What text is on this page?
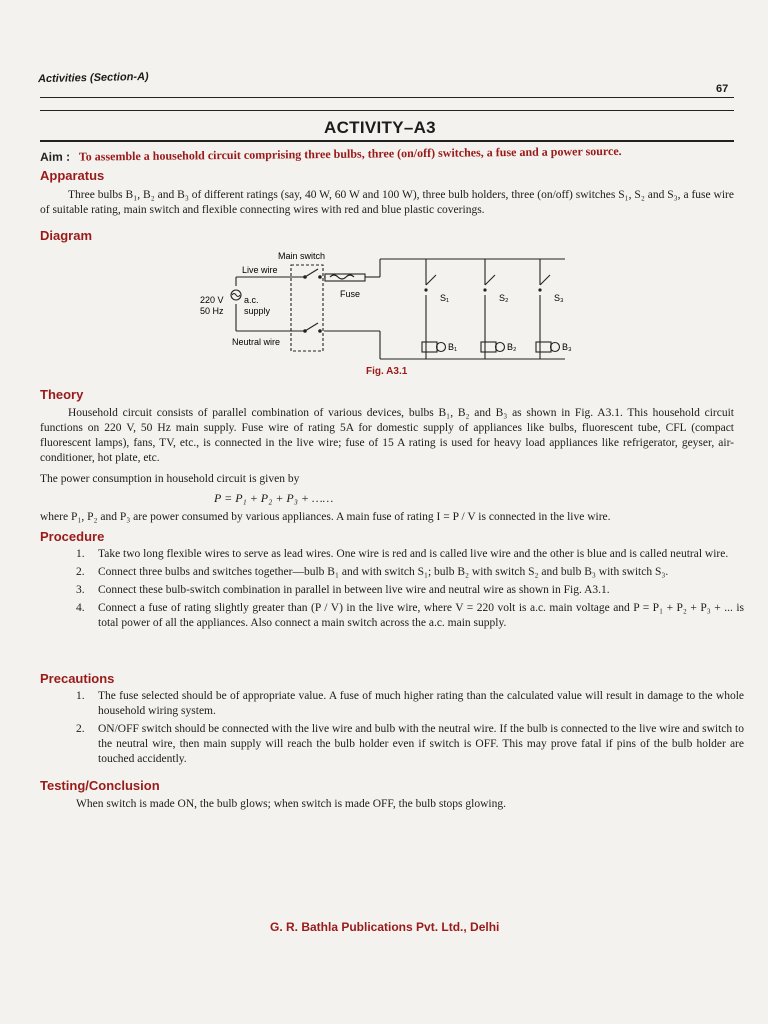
Activities (Section-A)
67
ACTIVITY–A3
Aim : To assemble a household circuit comprising three bulbs, three (on/off) switches, a fuse and a power source.
Apparatus
Three bulbs B₁, B₂ and B₃ of different ratings (say, 40 W, 60 W and 100 W), three bulb holders, three (on/off) switches S₁, S₂ and S₃, a fuse wire of suitable rating, main switch and flexible connecting wires with red and blue plastic coverings.
Diagram
Main switch
Live wire
Fuse
220 V
50 Hz
a.c.
supply
Neutral wire
S₁	S₂	S₃
B₁	B₂	B₃
Fig. A3.1
Theory
Household circuit consists of parallel combination of various devices, bulbs B₁, B₂ and B₃ as shown in Fig. A3.1. This household circuit functions on 220 V, 50 Hz main supply. Fuse wire of rating 5A for domestic supply of appliances like bulbs, fluorescent tube, CFL (compact fluorescent lamps), fans, TV, etc., is connected in the live wire; fuse of 15 A rating is used for heavy load appliances like refrigerator, geyser, air-conditioner, hot plate, etc.
The power consumption in household circuit is given by
P = P₁ + P₂ + P₃ + ……
where P₁, P₂ and P₃ are power consumed by various appliances. A main fuse of rating I = P / V is connected in the live wire.
Procedure
1. Take two long flexible wires to serve as lead wires. One wire is red and is called live wire and the other is blue and is called neutral wire.
2. Connect three bulbs and switches together—bulb B₁ and with switch S₁; bulb B₂ with switch S₂ and bulb B₃ with switch S₃.
3. Connect these bulb-switch combination in parallel in between live wire and neutral wire as shown in Fig. A3.1.
4. Connect a fuse of rating slightly greater than (P / V) in the live wire, where V = 220 volt is a.c. main voltage and P = P₁ + P₂ + P₃ + ... is total power of all the appliances. Also connect a main switch across the a.c. main supply.
Precautions
1. The fuse selected should be of appropriate value. A fuse of much higher rating than the calculated value will result in damage to the whole household wiring system.
2. ON/OFF switch should be connected with the live wire and bulb with the neutral wire. If the bulb is connected to the live wire and switch to the neutral wire, then main supply will reach the bulb holder even if switch is OFF. This may prove fatal if pins of the bulb holder are touched accidently.
Testing/Conclusion
When switch is made ON, the bulb glows; when switch is made OFF, the bulb stops glowing.
G. R. Bathla Publications Pvt. Ltd., Delhi
